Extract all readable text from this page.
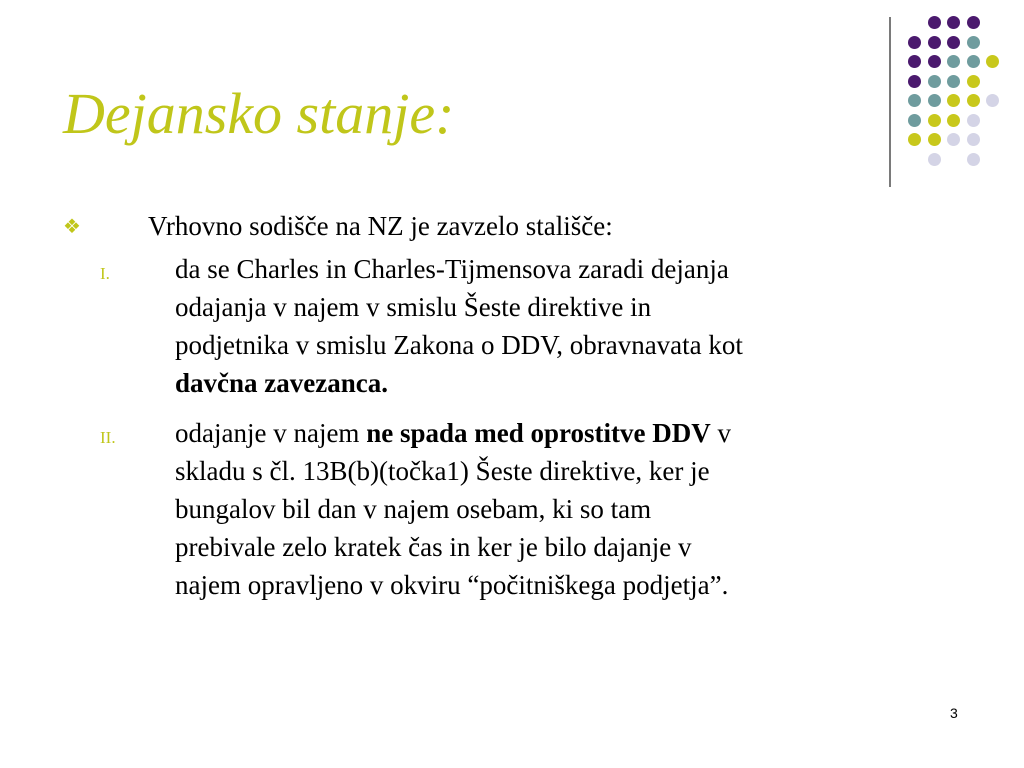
Dejansko stanje:
❖ Vrhovno sodišče na NZ je zavzelo stališče:
I. da se Charles in Charles-Tijmensova zaradi dejanja
odajanja v najem v smislu Šeste direktive in
podjetnika v smislu Zakona o DDV, obravnavata kot
davčna zavezanca.
II. odajanje v najem ne spada med oprostitve DDV v
skladu s čl. 13B(b)(točka1) Šeste direktive, ker je
bungalov bil dan v najem osebam, ki so tam
prebivale zelo kratek čas in ker je bilo dajanje v
najem opravljeno v okviru “počitniškega podjetja”.
3
